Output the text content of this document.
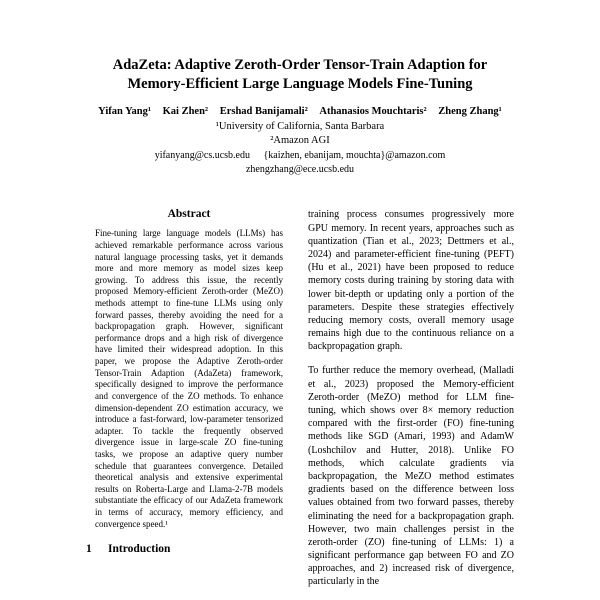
AdaZeta: Adaptive Zeroth-Order Tensor-Train Adaption for
Memory-Efficient Large Language Models Fine-Tuning
Yifan Yang¹ Kai Zhen² Ershad Banijamali² Athanasios Mouchtaris² Zheng Zhang¹
¹University of California, Santa Barbara
²Amazon AGI
yifanyang@cs.ucsb.edu {kaizhen, ebanijam, mouchta}@amazon.com
zhengzhang@ece.ucsb.edu
Abstract

Fine-tuning large language models (LLMs) has achieved remarkable performance across various natural language processing tasks, yet it demands more and more memory as model sizes keep growing. To address this issue, the recently proposed Memory-efficient Zeroth-order (MeZO) methods attempt to fine-tune LLMs using only forward passes, thereby avoiding the need for a backpropagation graph. However, significant performance drops and a high risk of divergence have limited their widespread adoption. In this paper, we propose the Adaptive Zeroth-order Tensor-Train Adaption (AdaZeta) framework, specifically designed to improve the performance and convergence of the ZO methods. To enhance dimension-dependent ZO estimation accuracy, we introduce a fast-forward, low-parameter tensorized adapter. To tackle the frequently observed divergence issue in large-scale ZO fine-tuning tasks, we propose an adaptive query number schedule that guarantees convergence. Detailed theoretical analysis and extensive experimental results on Roberta-Large and Llama-2-7B models substantiate the efficacy of our AdaZeta framework in terms of accuracy, memory efficiency, and convergence speed.¹

1	Introduction

training process consumes progressively more GPU memory. In recent years, approaches such as quantization (Tian et al., 2023; Dettmers et al., 2024) and parameter-efficient fine-tuning (PEFT) (Hu et al., 2021) have been proposed to reduce memory costs during training by storing data with lower bit-depth or updating only a portion of the parameters. Despite these strategies effectively reducing memory costs, overall memory usage remains high due to the continuous reliance on a backpropagation graph.

To further reduce the memory overhead, (Malladi et al., 2023) proposed the Memory-efficient Zeroth-order (MeZO) method for LLM fine-tuning, which shows over 8× memory reduction compared with the first-order (FO) fine-tuning methods like SGD (Amari, 1993) and AdamW (Loshchilov and Hutter, 2018). Unlike FO methods, which calculate gradients via backpropagation, the MeZO method estimates gradients based on the difference between loss values obtained from two forward passes, thereby eliminating the need for a backpropagation graph. However, two main challenges persist in the zeroth-order (ZO) fine-tuning of LLMs: 1) a significant performance gap between FO and ZO approaches, and 2) increased risk of divergence, particularly in the
